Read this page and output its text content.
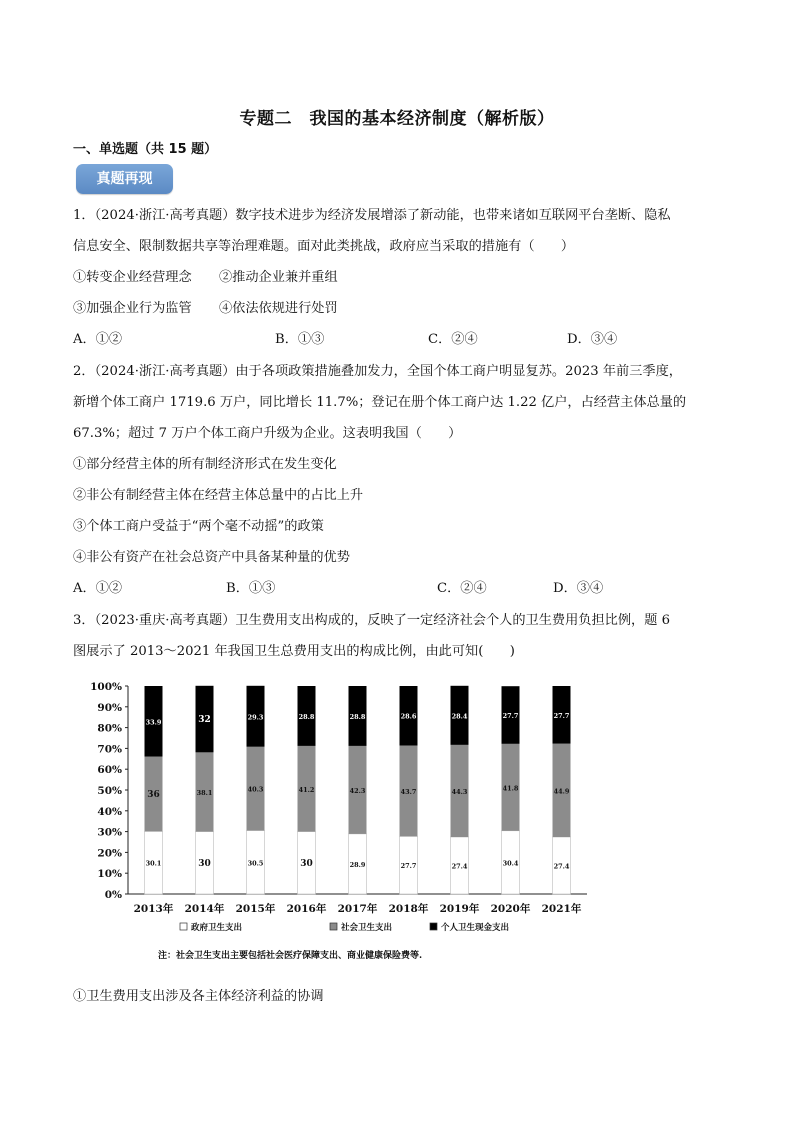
专题二　我国的基本经济制度（解析版）
一、单选题（共 15 题）
真题再现
1．（2024·浙江·高考真题）数字技术进步为经济发展增添了新动能，也带来诸如互联网平台垄断、隐私
信息安全、限制数据共享等治理难题。面对此类挑战，政府应当采取的措施有（　　）
①转变企业经营理念 ②推动企业兼并重组
③加强企业行为监管 ④依法依规进行处罚
A．①②	B．①③	C．②④	D．③④
2．（2024·浙江·高考真题）由于各项政策措施叠加发力，全国个体工商户明显复苏。2023 年前三季度，
新增个体工商户 1719.6 万户，同比增长 11.7%；登记在册个体工商户达 1.22 亿户，占经营主体总量的
67.3%；超过 7 万户个体工商户升级为企业。这表明我国（　　）
①部分经营主体的所有制经济形式在发生变化
②非公有制经营主体在经营主体总量中的占比上升
③个体工商户受益于“两个毫不动摇”的政策
④非公有资产在社会总资产中具备某种量的优势
A．①②	B．①③	C．②④	D．③④
3．（2023·重庆·高考真题）卫生费用支出构成的，反映了一定经济社会个人的卫生费用负担比例，题 6
图展示了 2013～2021 年我国卫生总费用支出的构成比例，由此可知(　　)
0%
10%
20%
30%
40%
50%
60%
70%
80%
90%
100%
30.1
36
33.9
2013年
30
38.1
32
2014年
30.5
40.3
29.3
2015年
30
41.2
28.8
2016年
28.9
42.3
28.8
2017年
27.7
43.7
28.6
2018年
27.4
44.3
28.4
2019年
30.4
41.8
27.7
2020年
27.4
44.9
27.7
2021年
政府卫生支出	社会卫生支出	个人卫生现金支出
注：社会卫生支出主要包括社会医疗保障支出、商业健康保险费等.
①卫生费用支出涉及各主体经济利益的协调
